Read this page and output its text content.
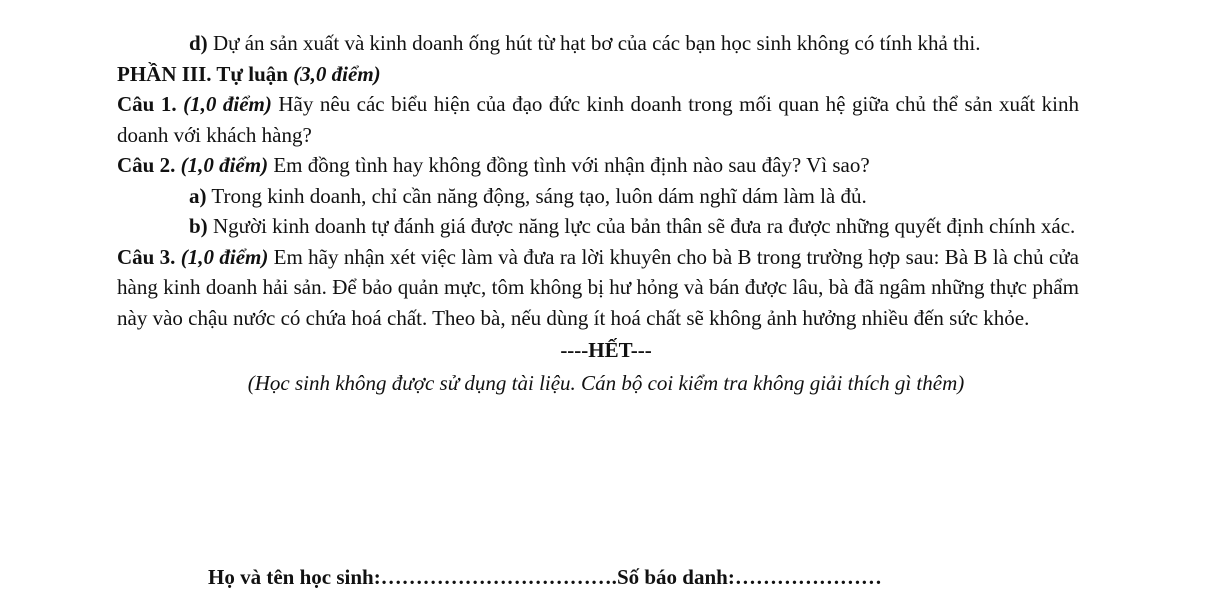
d) Dự án sản xuất và kinh doanh ống hút từ hạt bơ của các bạn học sinh không có tính khả thi.

PHẦN III. Tự luận (3,0 điểm)

Câu 1. (1,0 điểm) Hãy nêu các biểu hiện của đạo đức kinh doanh trong mối quan hệ giữa chủ thể sản xuất kinh doanh với khách hàng?

Câu 2. (1,0 điểm) Em đồng tình hay không đồng tình với nhận định nào sau đây? Vì sao?

a) Trong kinh doanh, chỉ cần năng động, sáng tạo, luôn dám nghĩ dám làm là đủ.

b) Người kinh doanh tự đánh giá được năng lực của bản thân sẽ đưa ra được những quyết định chính xác.

Câu 3. (1,0 điểm) Em hãy nhận xét việc làm và đưa ra lời khuyên cho bà B trong trường hợp sau: Bà B là chủ cửa hàng kinh doanh hải sản. Để bảo quản mực, tôm không bị hư hỏng và bán được lâu, bà đã ngâm những thực phẩm này vào chậu nước có chứa hoá chất. Theo bà, nếu dùng ít hoá chất sẽ không ảnh hưởng nhiều đến sức khỏe.

----HẾT---

(Học sinh không được sử dụng tài liệu. Cán bộ coi kiểm tra không giải thích gì thêm)

Họ và tên học sinh:…………………………….Số báo danh:…………………
